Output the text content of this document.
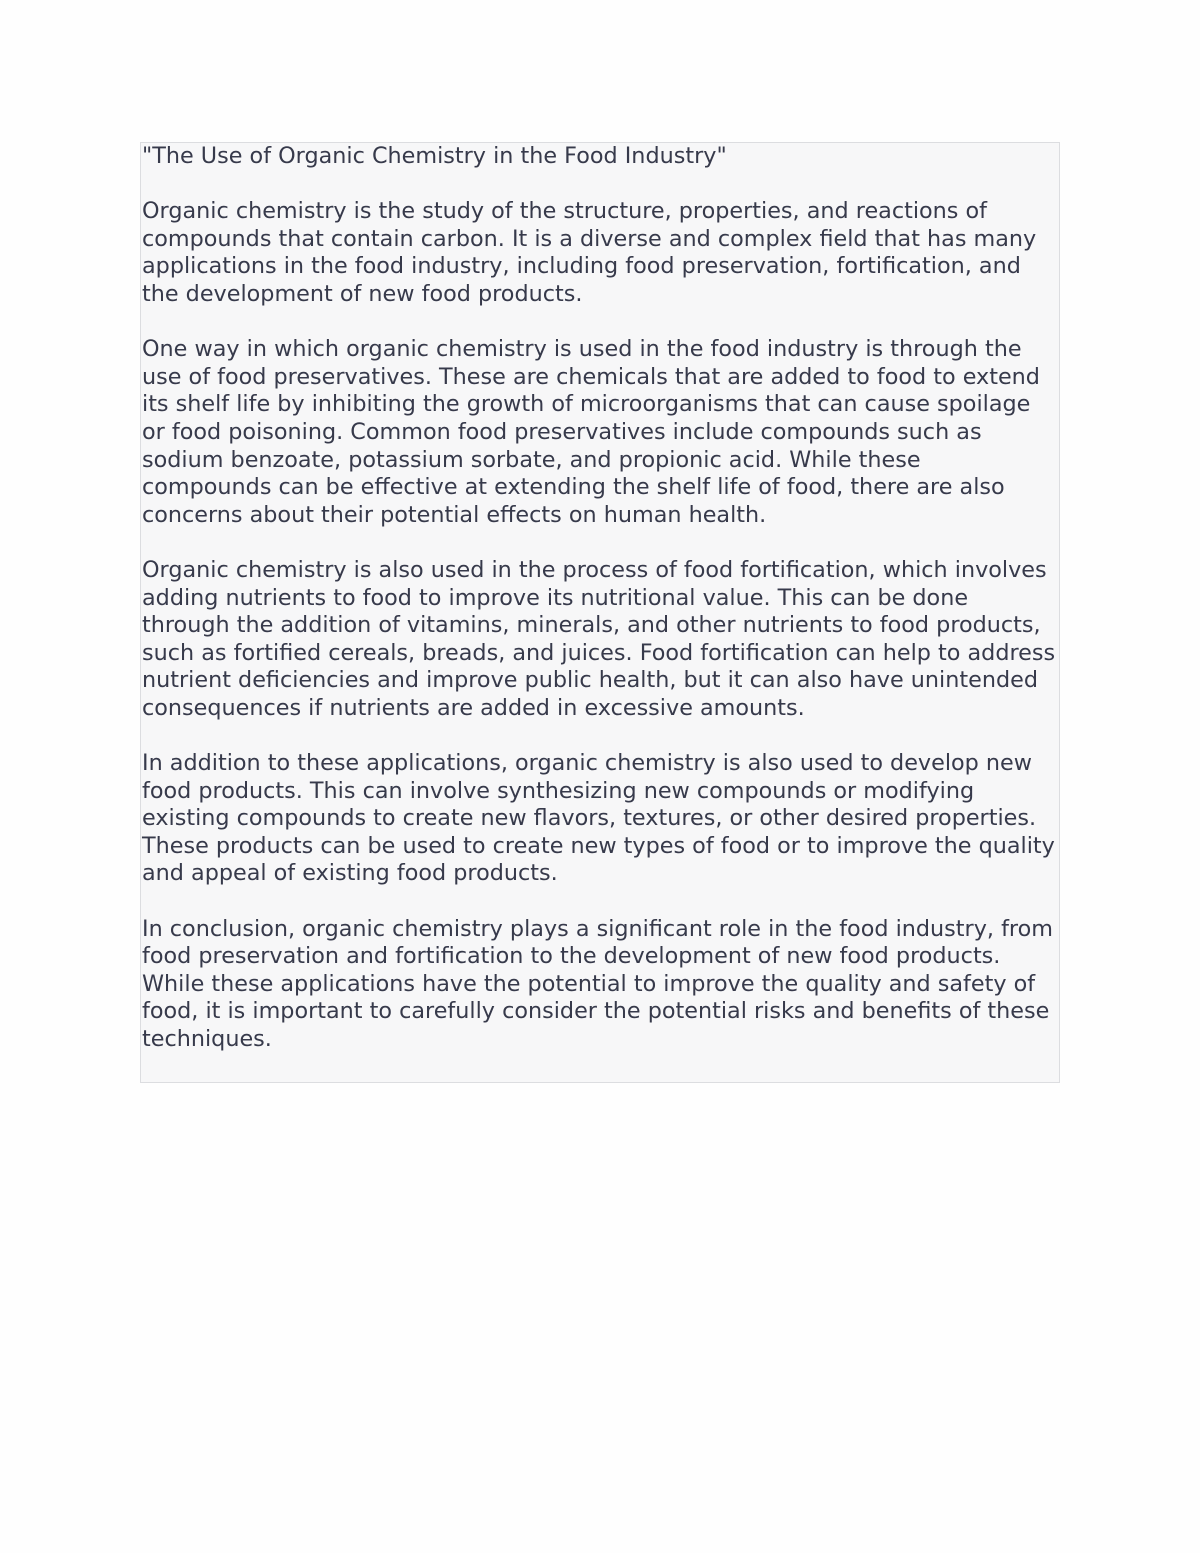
"The Use of Organic Chemistry in the Food Industry"

Organic chemistry is the study of the structure, properties, and reactions of compounds that contain carbon. It is a diverse and complex field that has many applications in the food industry, including food preservation, fortification, and the development of new food products.

One way in which organic chemistry is used in the food industry is through the use of food preservatives. These are chemicals that are added to food to extend its shelf life by inhibiting the growth of microorganisms that can cause spoilage or food poisoning. Common food preservatives include compounds such as sodium benzoate, potassium sorbate, and propionic acid. While these compounds can be effective at extending the shelf life of food, there are also concerns about their potential effects on human health.

Organic chemistry is also used in the process of food fortification, which involves adding nutrients to food to improve its nutritional value. This can be done through the addition of vitamins, minerals, and other nutrients to food products, such as fortified cereals, breads, and juices. Food fortification can help to address nutrient deficiencies and improve public health, but it can also have unintended consequences if nutrients are added in excessive amounts.

In addition to these applications, organic chemistry is also used to develop new food products. This can involve synthesizing new compounds or modifying existing compounds to create new flavors, textures, or other desired properties. These products can be used to create new types of food or to improve the quality and appeal of existing food products.

In conclusion, organic chemistry plays a significant role in the food industry, from food preservation and fortification to the development of new food products. While these applications have the potential to improve the quality and safety of food, it is important to carefully consider the potential risks and benefits of these techniques.
